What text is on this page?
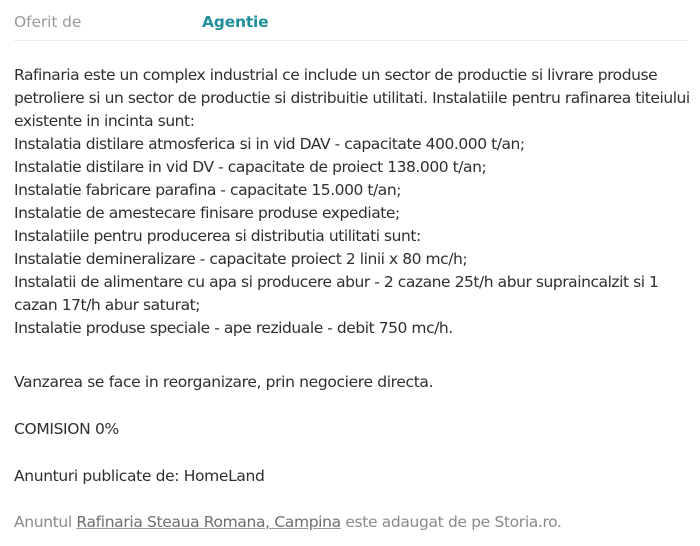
Oferit de	Agentie
Rafinaria este un complex industrial ce include un sector de productie si livrare produse
petroliere si un sector de productie si distribuitie utilitati. Instalatiile pentru rafinarea titeiului
existente in incinta sunt:
Instalatia distilare atmosferica si in vid DAV - capacitate 400.000 t/an;
Instalatie distilare in vid DV - capacitate de proiect 138.000 t/an;
Instalatie fabricare parafina - capacitate 15.000 t/an;
Instalatie de amestecare finisare produse expediate;
Instalatiile pentru producerea si distributia utilitati sunt:
Instalatie demineralizare - capacitate proiect 2 linii x 80 mc/h;
Instalatii de alimentare cu apa si producere abur - 2 cazane 25t/h abur supraincalzit si 1
cazan 17t/h abur saturat;
Instalatie produse speciale - ape reziduale - debit 750 mc/h.
Vanzarea se face in reorganizare, prin negociere directa.
COMISION 0%
Anunturi publicate de: HomeLand
Anuntul Rafinaria Steaua Romana, Campina este adaugat de pe Storia.ro.
